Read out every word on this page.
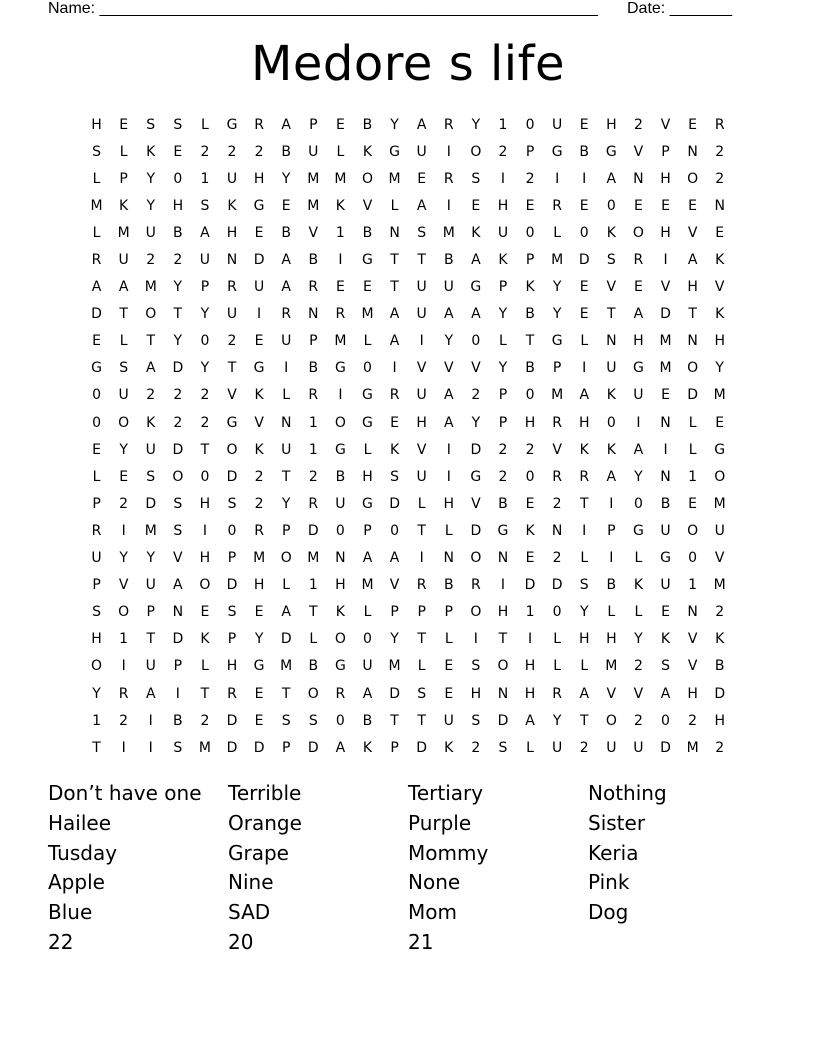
Name: ________________________________________________________ Date: _______
Medore s life
H	E	S	S	L	G	R	A	P	E	B	Y	A	R	Y	1	0	U	E	H	2	V	E	R
S	L	K	E	2	2	2	B	U	L	K	G	U	I	O	2	P	G	B	G	V	P	N	2
L	P	Y	0	1	U	H	Y	M	M	O	M	E	R	S	I	2	I	I	A	N	H	O	2
M	K	Y	H	S	K	G	E	M	K	V	L	A	I	E	H	E	R	E	0	E	E	E	N
L	M	U	B	A	H	E	B	V	1	B	N	S	M	K	U	0	L	0	K	O	H	V	E
R	U	2	2	U	N	D	A	B	I	G	T	T	B	A	K	P	M	D	S	R	I	A	K
A	A	M	Y	P	R	U	A	R	E	E	T	U	U	G	P	K	Y	E	V	E	V	H	V
D	T	O	T	Y	U	I	R	N	R	M	A	U	A	A	Y	B	Y	E	T	A	D	T	K
E	L	T	Y	0	2	E	U	P	M	L	A	I	Y	0	L	T	G	L	N	H	M	N	H
G	S	A	D	Y	T	G	I	B	G	0	I	V	V	V	Y	B	P	I	U	G	M	O	Y
0	U	2	2	2	V	K	L	R	I	G	R	U	A	2	P	0	M	A	K	U	E	D	M
0	O	K	2	2	G	V	N	1	O	G	E	H	A	Y	P	H	R	H	0	I	N	L	E
E	Y	U	D	T	O	K	U	1	G	L	K	V	I	D	2	2	V	K	K	A	I	L	G
L	E	S	O	0	D	2	T	2	B	H	S	U	I	G	2	0	R	R	A	Y	N	1	O
P	2	D	S	H	S	2	Y	R	U	G	D	L	H	V	B	E	2	T	I	0	B	E	M
R	I	M	S	I	0	R	P	D	0	P	0	T	L	D	G	K	N	I	P	G	U	O	U
U	Y	Y	V	H	P	M	O	M	N	A	A	I	N	O	N	E	2	L	I	L	G	0	V
P	V	U	A	O	D	H	L	1	H	M	V	R	B	R	I	D	D	S	B	K	U	1	M
S	O	P	N	E	S	E	A	T	K	L	P	P	P	O	H	1	0	Y	L	L	E	N	2
H	1	T	D	K	P	Y	D	L	O	0	Y	T	L	I	T	I	L	H	H	Y	K	V	K
O	I	U	P	L	H	G	M	B	G	U	M	L	E	S	O	H	L	L	M	2	S	V	B
Y	R	A	I	T	R	E	T	O	R	A	D	S	E	H	N	H	R	A	V	V	A	H	D
1	2	I	B	2	D	E	S	S	0	B	T	T	U	S	D	A	Y	T	O	2	0	2	H
T	I	I	S	M	D	D	P	D	A	K	P	D	K	2	S	L	U	2	U	U	D	M	2
Don’t have one	Terrible	Tertiary	Nothing
Hailee	Orange	Purple	Sister
Tusday	Grape	Mommy	Keria
Apple	Nine	None	Pink
Blue	SAD	Mom	Dog
22	20	21
